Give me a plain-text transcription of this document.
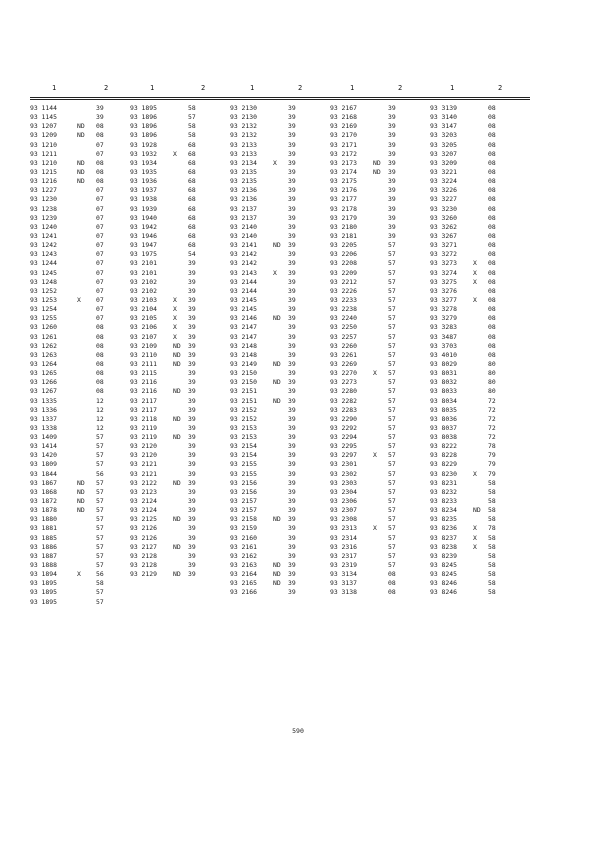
1	2	1	2	1	2	1	2	1	2
93 1144	39
93 1145	39
93 1207	ND 08
93 1209	ND 08
93 1210	07
93 1211	07
93 1210	ND 08
93 1215	ND 08
93 1216	ND 08
93 1227	07
93 1230	07
93 1238	07
93 1239	07
93 1240	07
93 1241	07
93 1242	07
93 1243	07
93 1244	07
93 1245	07
93 1248	07
93 1252	07
93 1253	X 07
93 1254	07
93 1255	07
93 1260	08
93 1261	08
93 1262	08
93 1263	08
93 1264	08
93 1265	08
93 1266	08
93 1267	08
93 1335	12
93 1336	12
93 1337	12
93 1338	12
93 1409	57
93 1414	57
93 1420	57
93 1809	57
93 1844	56
93 1867	ND 57
93 1868	ND 57
93 1872	ND 57
93 1878	ND 57
93 1880	57
93 1881	57
93 1885	57
93 1886	57
93 1887	57
93 1888	57
93 1894	X 56
93 1895	58
93 1895	57
93 1895	57
93 1895	58
93 1896	57
93 1896	58
93 1896	58
93 1928	68
93 1932	X 68
93 1934	68
93 1935	68
93 1936	68
93 1937	68
93 1938	68
93 1939	68
93 1940	68
93 1942	68
93 1946	68
93 1947	68
93 1975	54
93 2101	39
93 2101	39
93 2102	39
93 2102	39
93 2103	X 39
93 2104	X 39
93 2105	X 39
93 2106	X 39
93 2107	X 39
93 2109	ND 39
93 2110	ND 39
93 2111	ND 39
93 2115	39
93 2116	39
93 2116	ND 39
93 2117	39
93 2117	39
93 2118	ND 39
93 2119	39
93 2119	ND 39
93 2120	39
93 2120	39
93 2121	39
93 2121	39
93 2122	ND 39
93 2123	39
93 2124	39
93 2124	39
93 2125	ND 39
93 2126	39
93 2126	39
93 2127	ND 39
93 2128	39
93 2128	39
93 2129	ND 39
93 2130	39
93 2130	39
93 2132	39
93 2132	39
93 2133	39
93 2133	39
93 2134	X 39
93 2135	39
93 2135	39
93 2136	39
93 2136	39
93 2137	39
93 2137	39
93 2140	39
93 2140	39
93 2141	ND 39
93 2142	39
93 2142	39
93 2143	X 39
93 2144	39
93 2144	39
93 2145	39
93 2145	39
93 2146	ND 39
93 2147	39
93 2147	39
93 2148	39
93 2148	39
93 2149	ND 39
93 2150	39
93 2150	ND 39
93 2151	39
93 2151	ND 39
93 2152	39
93 2152	39
93 2153	39
93 2153	39
93 2154	39
93 2154	39
93 2155	39
93 2155	39
93 2156	39
93 2156	39
93 2157	39
93 2157	39
93 2158	ND 39
93 2159	39
93 2160	39
93 2161	39
93 2162	39
93 2163	ND 39
93 2164	ND 39
93 2165	ND 39
93 2166	39
93 2167	39
93 2168	39
93 2169	39
93 2170	39
93 2171	39
93 2172	39
93 2173	ND 39
93 2174	ND 39
93 2175	39
93 2176	39
93 2177	39
93 2178	39
93 2179	39
93 2180	39
93 2181	39
93 2205	57
93 2206	57
93 2208	57
93 2209	57
93 2212	57
93 2226	57
93 2233	57
93 2238	57
93 2240	57
93 2250	57
93 2257	57
93 2260	57
93 2261	57
93 2269	57
93 2270	X 57
93 2273	57
93 2280	57
93 2282	57
93 2283	57
93 2290	57
93 2292	57
93 2294	57
93 2295	57
93 2297	X 57
93 2301	57
93 2302	57
93 2303	57
93 2304	57
93 2306	57
93 2307	57
93 2308	57
93 2313	X 57
93 2314	57
93 2316	57
93 2317	57
93 2319	57
93 3134	08
93 3137	08
93 3138	08
93 3139	08
93 3140	08
93 3147	08
93 3203	08
93 3205	08
93 3207	08
93 3209	08
93 3221	08
93 3224	08
93 3226	08
93 3227	08
93 3230	08
93 3260	08
93 3262	08
93 3267	08
93 3271	08
93 3272	08
93 3273	X 08
93 3274	X 08
93 3275	X 08
93 3276	08
93 3277	X 08
93 3278	08
93 3279	08
93 3283	08
93 3487	08
93 3703	08
93 4010	08
93 8029	80
93 8031	80
93 8032	80
93 8033	80
93 8034	72
93 8035	72
93 8036	72
93 8037	72
93 8038	72
93 8222	78
93 8228	79
93 8229	79
93 8230	X 79
93 8231	58
93 8232	58
93 8233	58
93 8234	ND 58
93 8235	58
93 8236	X 78
93 8237	X 58
93 8238	X 58
93 8239	58
93 8245	58
93 8245	58
93 8246	58
93 8246	58
590
